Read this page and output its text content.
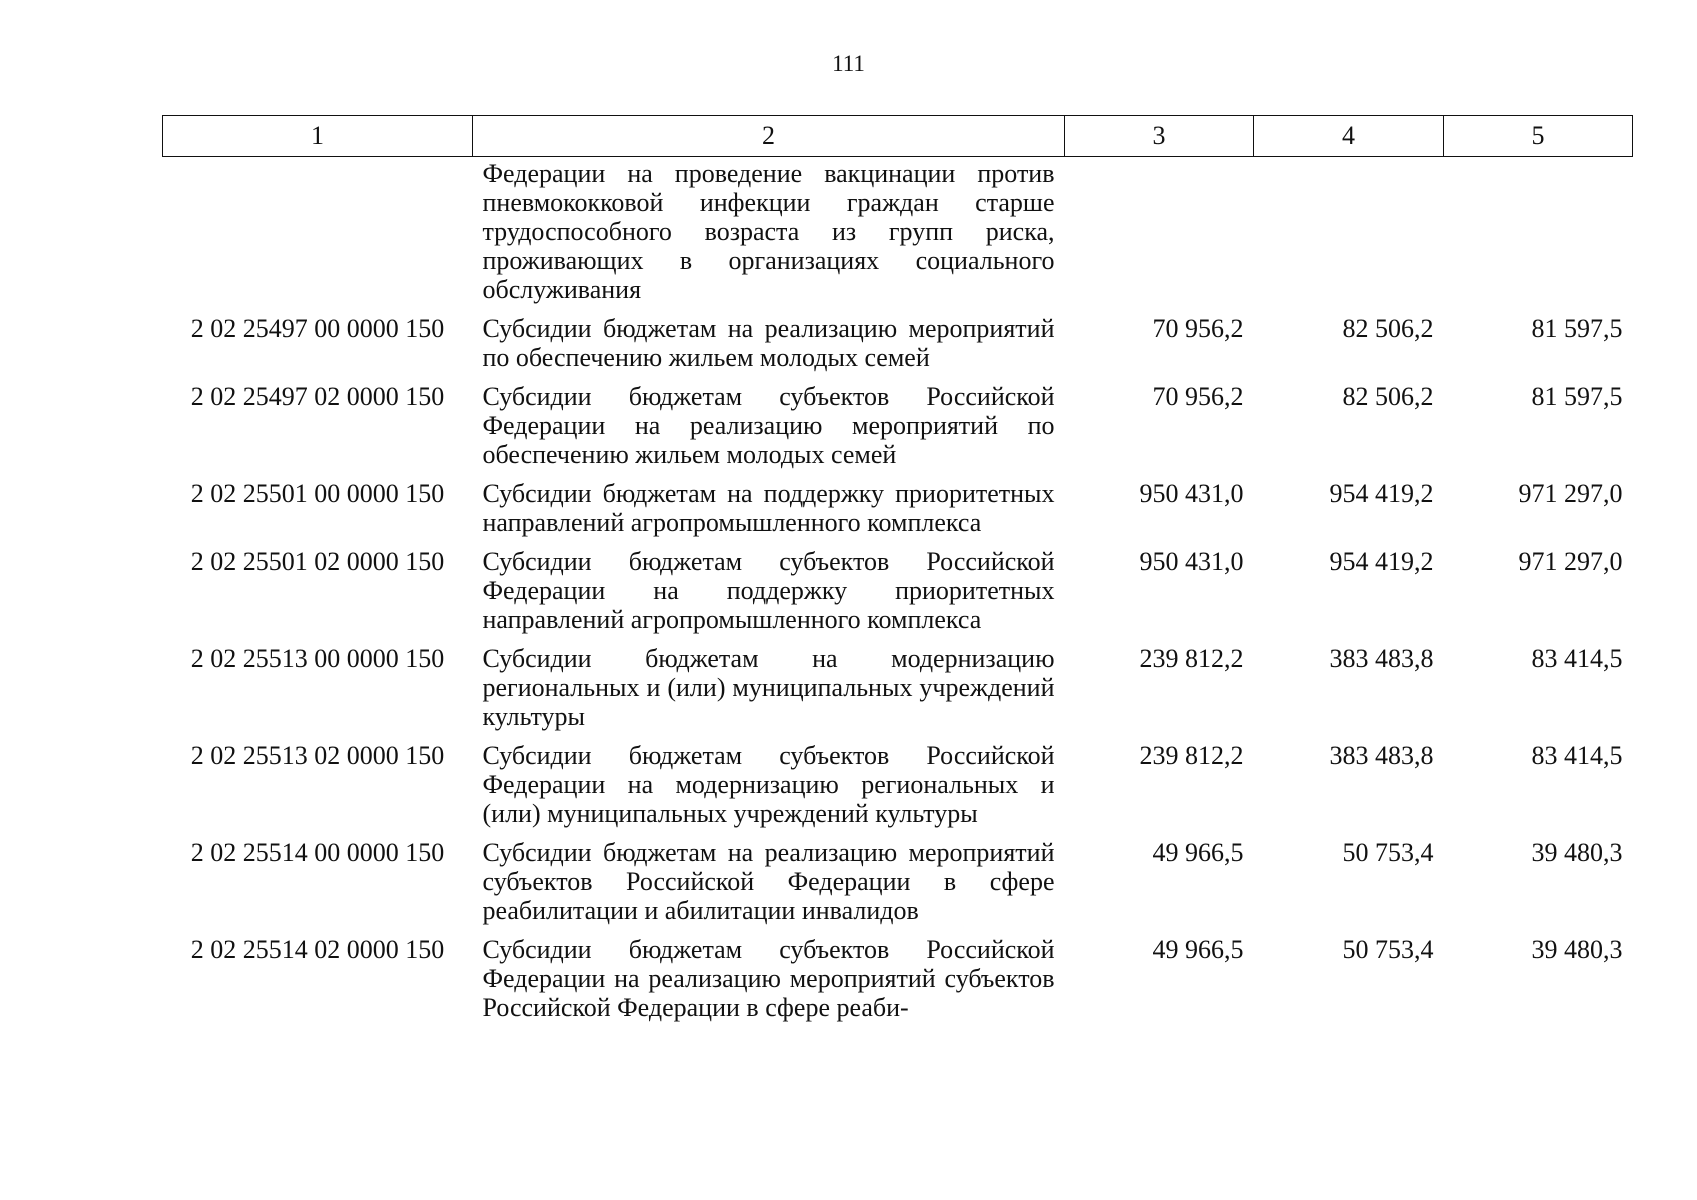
111
1	2	3	4	5
	Федерации на проведение вакцинации против пневмококковой инфекции граждан старше трудоспособного возраста из групп риска, проживающих в организациях социального обслуживания			
2 02 25497 00 0000 150	Субсидии бюджетам на реализацию мероприятий по обеспечению жильем молодых семей	70 956,2	82 506,2	81 597,5
2 02 25497 02 0000 150	Субсидии бюджетам субъектов Российской Федерации на реализацию мероприятий по обеспечению жильем молодых семей	70 956,2	82 506,2	81 597,5
2 02 25501 00 0000 150	Субсидии бюджетам на поддержку приоритетных направлений агропромышленного комплекса	950 431,0	954 419,2	971 297,0
2 02 25501 02 0000 150	Субсидии бюджетам субъектов Российской Федерации на поддержку приоритетных направлений агропромышленного комплекса	950 431,0	954 419,2	971 297,0
2 02 25513 00 0000 150	Субсидии бюджетам на модернизацию региональных и (или) муниципальных учреждений культуры	239 812,2	383 483,8	83 414,5
2 02 25513 02 0000 150	Субсидии бюджетам субъектов Российской Федерации на модернизацию региональных и (или) муниципальных учреждений культуры	239 812,2	383 483,8	83 414,5
2 02 25514 00 0000 150	Субсидии бюджетам на реализацию мероприятий субъектов Российской Федерации в сфере реабилитации и абилитации инвалидов	49 966,5	50 753,4	39 480,3
2 02 25514 02 0000 150	Субсидии бюджетам субъектов Российской Федерации на реализацию мероприятий субъектов Российской Федерации в сфере реаби-	49 966,5	50 753,4	39 480,3
